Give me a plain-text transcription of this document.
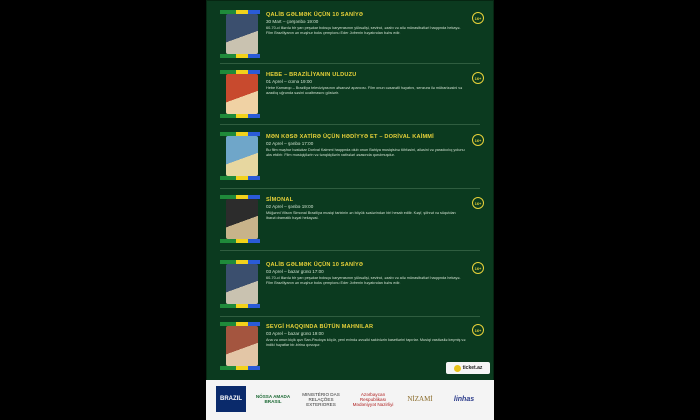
QALİB GƏLMƏK ÜÇÜN 10 SANİYƏ
30 Mart – çərşənbə 19:00
60-70-ci illərdə bir yarı peşəkar boksçu karyerasının yüksəlişi, sevinci, əzabı və ailə münasibətləri haqqında hekayə. Film Braziliyanın ən məşhur boks çempionu Eder Jofrenin həyatından bəhs edir.
16+
HEBE – BRAZİLİYANIN ULDUZU
01 Aprel – cümə 19:00
Hebe Kamarqo – Braziliya televiziyasının əfsanəvi aparıcısı. Film onun cəsarətli həyatını, senzura ilə mübarizəsini və azadlıq uğrunda səsini ucaltmasını göstərir.
16+
MƏN KƏSƏ XATİRƏ ÜÇÜN HƏDİYYƏ ET – DORİVAL KAİMMİ
02 Aprel – şənbə 17:00
Bu film məşhur bəstəkar Dorival Kaimmi haqqında olub onun Bahiya musiqisinə töhfəsini, ailəsini və yaradıcılıq yolunu əks etdirir. Film musiqiçilərin və tənqidçilərin xatirələri əsasında qurulmuşdur.
16+
SİMONAL
02 Aprel – şənbə 19:00
Müğənni Vilson Simonal Braziliya musiqi tarixinin ən böyük səslərindən biri hesab edilir. Kəşf, şöhrət və süqutdan ibarət dramatik həyat hekayəsi.
16+
QALİB GƏLMƏK ÜÇÜN 10 SANİYƏ
03 Aprel – bazar günü 17:00
60-70-ci illərdə bir yarı peşəkar boksçu karyerasının yüksəlişi, sevinci, əzabı və ailə münasibətləri haqqında hekayə. Film Braziliyanın ən məşhur boks çempionu Eder Jofrenin həyatından bəhs edir.
16+
SEVGİ HAQQINDA BÜTÜN MAHNILAR
03 Aprel – bazar günü 19:00
Ana və onun kiçik qızı San-Pauloya köçür, yeni evində əvvəlki sakinlərin kasetlərini tapırlar. Musiqi vasitəsilə keçmiş və indiki həyatlar bir-birinə qovuşur.
16+
ticket.az
BRAZIL	NÓSSA AMADA BRASIL
MINISTÉRIO DAS RELAÇÕES EXTERIORES
Azərbaycan Respublikası Mədəniyyət Nazirliyi
NİZAMİ	linhas
